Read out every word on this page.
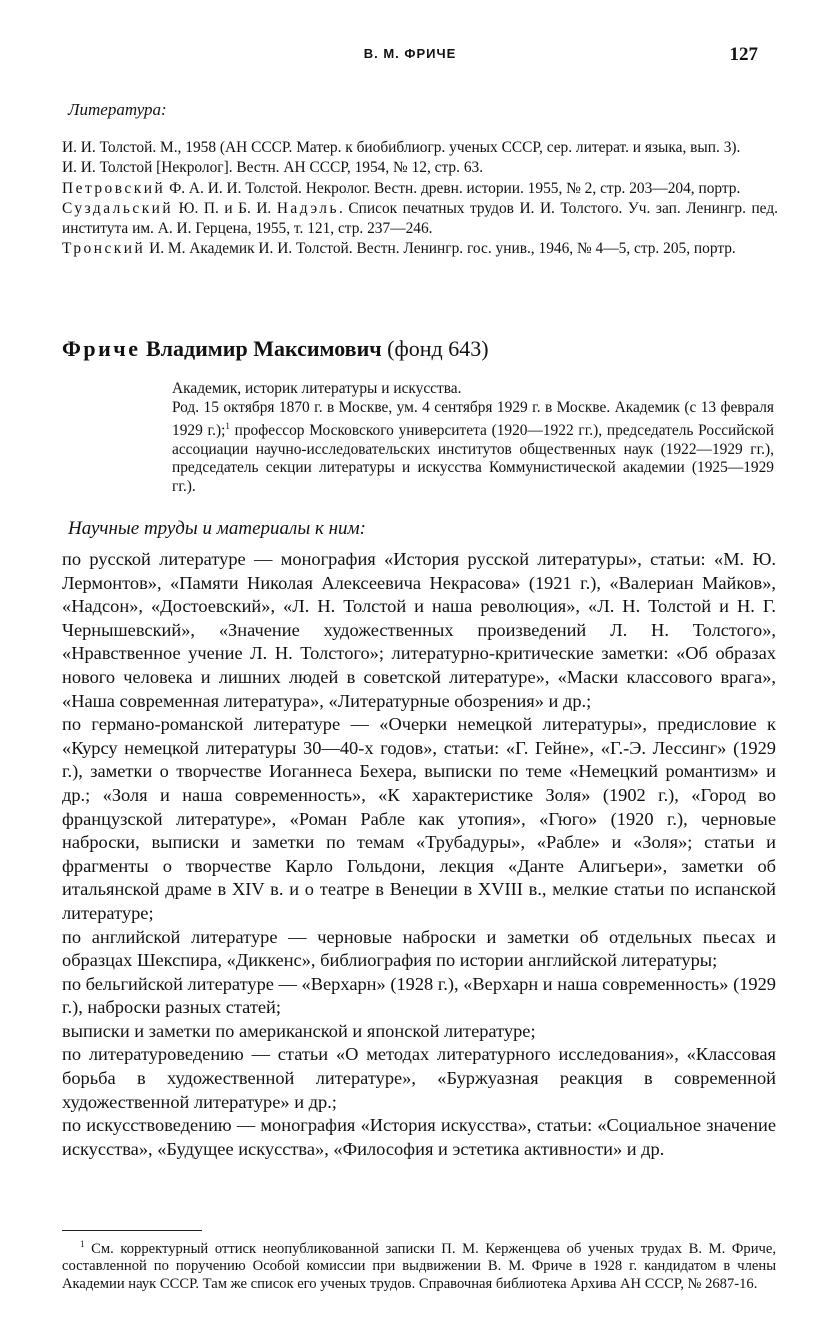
В. М. ФРИЧЕ	127
Литература:

И. И. Толстой. М., 1958 (АН СССР. Матер. к биобиблиогр. ученых СССР, сер. литерат. и языка, вып. 3).

И. И. Толстой [Некролог]. Вестн. АН СССР, 1954, № 12, стр. 63.

Петровский Ф. А. И. И. Толстой. Некролог. Вестн. древн. истории. 1955, № 2, стр. 203—204, портр.

Суздальский Ю. П. и Б. И. Надэль. Список печатных трудов И. И. Толстого. Уч. зап. Ленингр. пед. института им. А. И. Герцена, 1955, т. 121, стр. 237—246.

Тронский И. М. Академик И. И. Толстой. Вестн. Ленингр. гос. унив., 1946, № 4—5, стр. 205, портр.

Фриче Владимир Максимович (фонд 643)

Академик, историк литературы и искусства.

Род. 15 октября 1870 г. в Москве, ум. 4 сентября 1929 г. в Москве. Академик (с 13 февраля 1929 г.);$^1$ профессор Московского университета (1920—1922 гг.), председатель Российской ассоциации научно-исследовательских институтов общественных наук (1922—1929 гг.), председатель секции литературы и искусства Коммунистической академии (1925—1929 гг.).

Научные труды и материалы к ним:

по русской литературе — монография «История русской литературы», статьи: «М. Ю. Лермонтов», «Памяти Николая Алексеевича Некрасова» (1921 г.), «Валериан Майков», «Надсон», «Достоевский», «Л. Н. Толстой и наша революция», «Л. Н. Толстой и Н. Г. Чернышевский», «Значение художественных произведений Л. Н. Толстого», «Нравственное учение Л. Н. Толстого»; литературно-критические заметки: «Об образах нового человека и лишних людей в советской литературе», «Маски классового врага», «Наша современная литература», «Литературные обозрения» и др.;

по германо-романской литературе — «Очерки немецкой литературы», предисловие к «Курсу немецкой литературы 30—40-х годов», статьи: «Г. Гейне», «Г.-Э. Лессинг» (1929 г.), заметки о творчестве Иоганнеса Бехера, выписки по теме «Немецкий романтизм» и др.; «Золя и наша современность», «К характеристике Золя» (1902 г.), «Город во французской литературе», «Роман Рабле как утопия», «Гюго» (1920 г.), черновые наброски, выписки и заметки по темам «Трубадуры», «Рабле» и «Золя»; статьи и фрагменты о творчестве Карло Гольдони, лекция «Данте Алигьери», заметки об итальянской драме в XIV в. и о театре в Венеции в XVIII в., мелкие статьи по испанской литературе;

по английской литературе — черновые наброски и заметки об отдельных пьесах и образцах Шекспира, «Диккенс», библиография по истории английской литературы;

по бельгийской литературе — «Верхарн» (1928 г.), «Верхарн и наша современность» (1929 г.), наброски разных статей;

выписки и заметки по американской и японской литературе;

по литературоведению — статьи «О методах литературного исследования», «Классовая борьба в художественной литературе», «Буржуазная реакция в современной художественной литературе» и др.;

по искусствоведению — монография «История искусства», статьи: «Социальное значение искусства», «Будущее искусства», «Философия и эстетика активности» и др.

$^1$ См. корректурный оттиск неопубликованной записки П. М. Керженцева об ученых трудах В. М. Фриче, составленной по поручению Особой комиссии при выдвижении В. М. Фриче в 1928 г. кандидатом в члены Академии наук СССР. Там же список его ученых трудов. Справочная библиотека Архива АН СССР, № 2687-16.
